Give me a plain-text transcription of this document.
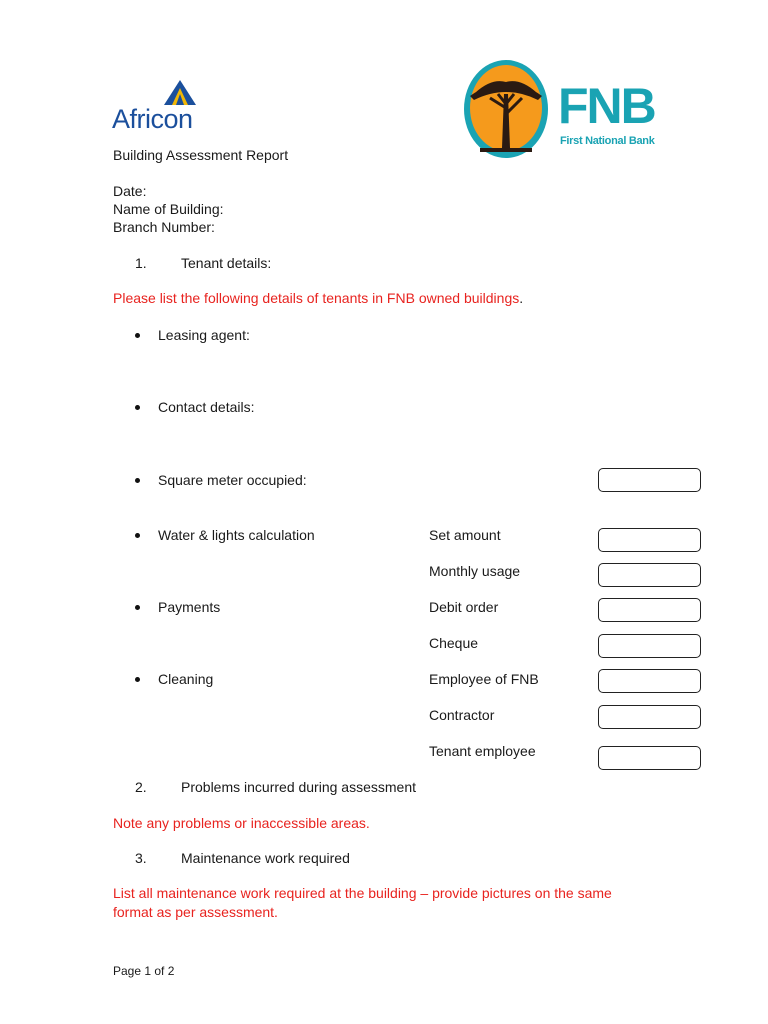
Africon	FNB
First National Bank
Building Assessment Report
Date:
Name of Building:
Branch Number:
1. Tenant details:
Please list the following details of tenants in FNB owned buildings.
Leasing agent:
Contact details:
Square meter occupied:
Water & lights calculation	Set amount
Monthly usage
Payments	Debit order
Cheque
Cleaning	Employee of FNB
Contractor
Tenant employee
2. Problems incurred during assessment
Note any problems or inaccessible areas.
3. Maintenance work required
List all maintenance work required at the building – provide pictures on the same
format as per assessment.
Page 1 of 2
